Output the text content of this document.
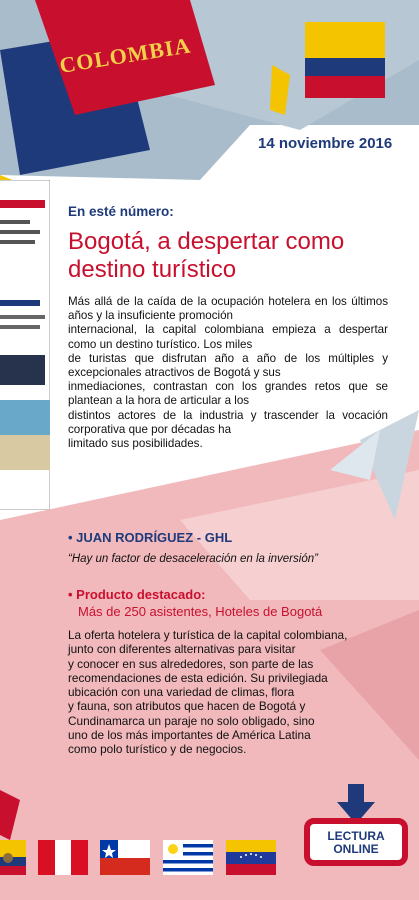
COLOMBIA
14 noviembre 2016
En esté número:
Bogotá, a despertar como destino turístico

Más allá de la caída de la ocupación hotelera en los últimos años y la insuficiente promoción

internacional, la capital colombiana empieza a despertar como un destino turístico. Los miles

de turistas que disfrutan año a año de los múltiples y excepcionales atractivos de Bogotá y sus

inmediaciones, contrastan con los grandes retos que se plantean a la hora de articular a los

distintos actores de la industria y trascender la vocación corporativa que por décadas ha

limitado sus posibilidades.

• JUAN RODRÍGUEZ - GHL
“Hay un factor de desaceleración en la inversión”
• Producto destacado:
Más de 250 asistentes, Hoteles de Bogotá

La oferta hotelera y turística de la capital colombiana,

junto con diferentes alternativas para visitar

y conocer en sus alrededores, son parte de las

recomendaciones de esta edición. Su privilegiada

ubicación con una variedad de climas, flora

y fauna, son atributos que hacen de Bogotá y

Cundinamarca un paraje no solo obligado, sino

uno de los más importantes de América Latina

como polo turístico y de negocios.

LECTURA
ONLINE
